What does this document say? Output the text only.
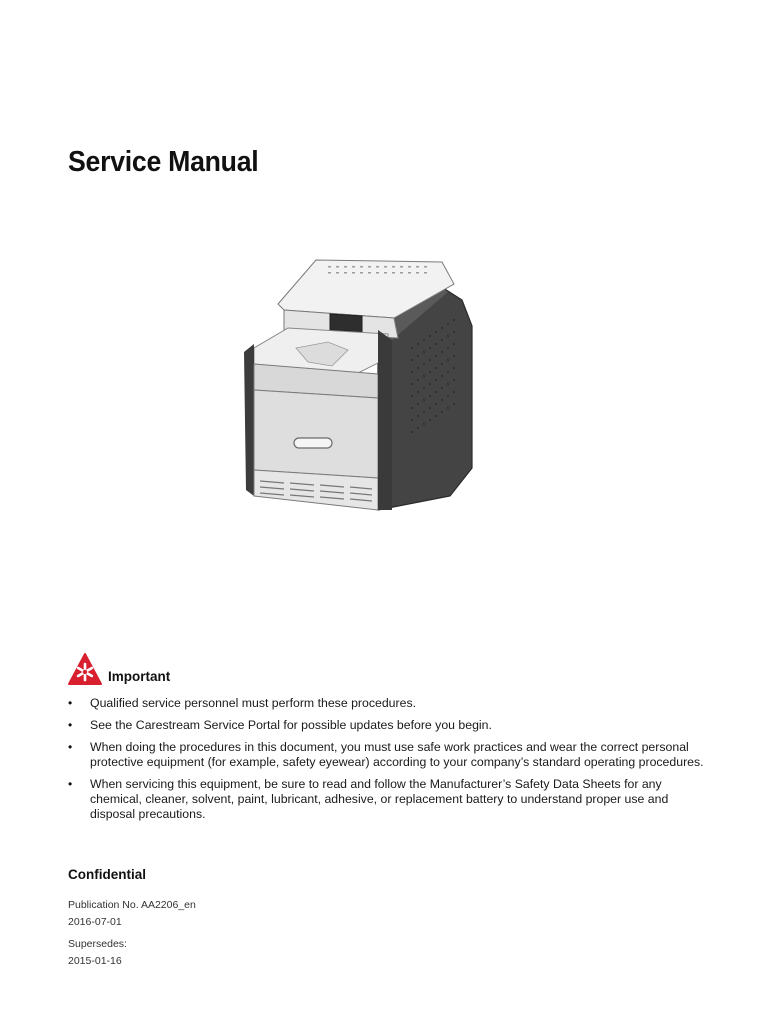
Service Manual
Important
• Qualified service personnel must perform these procedures.
• See the Carestream Service Portal for possible updates before you begin.
• When doing the procedures in this document, you must use safe work practices and wear the correct personal protective equipment (for example, safety eyewear) according to your company’s standard operating procedures.
• When servicing this equipment, be sure to read and follow the Manufacturer’s Safety Data Sheets for any chemical, cleaner, solvent, paint, lubricant, adhesive, or replacement battery to understand proper use and disposal precautions.
Confidential
Publication No. AA2206_en
2016-07-01
Supersedes:
2015-01-16
